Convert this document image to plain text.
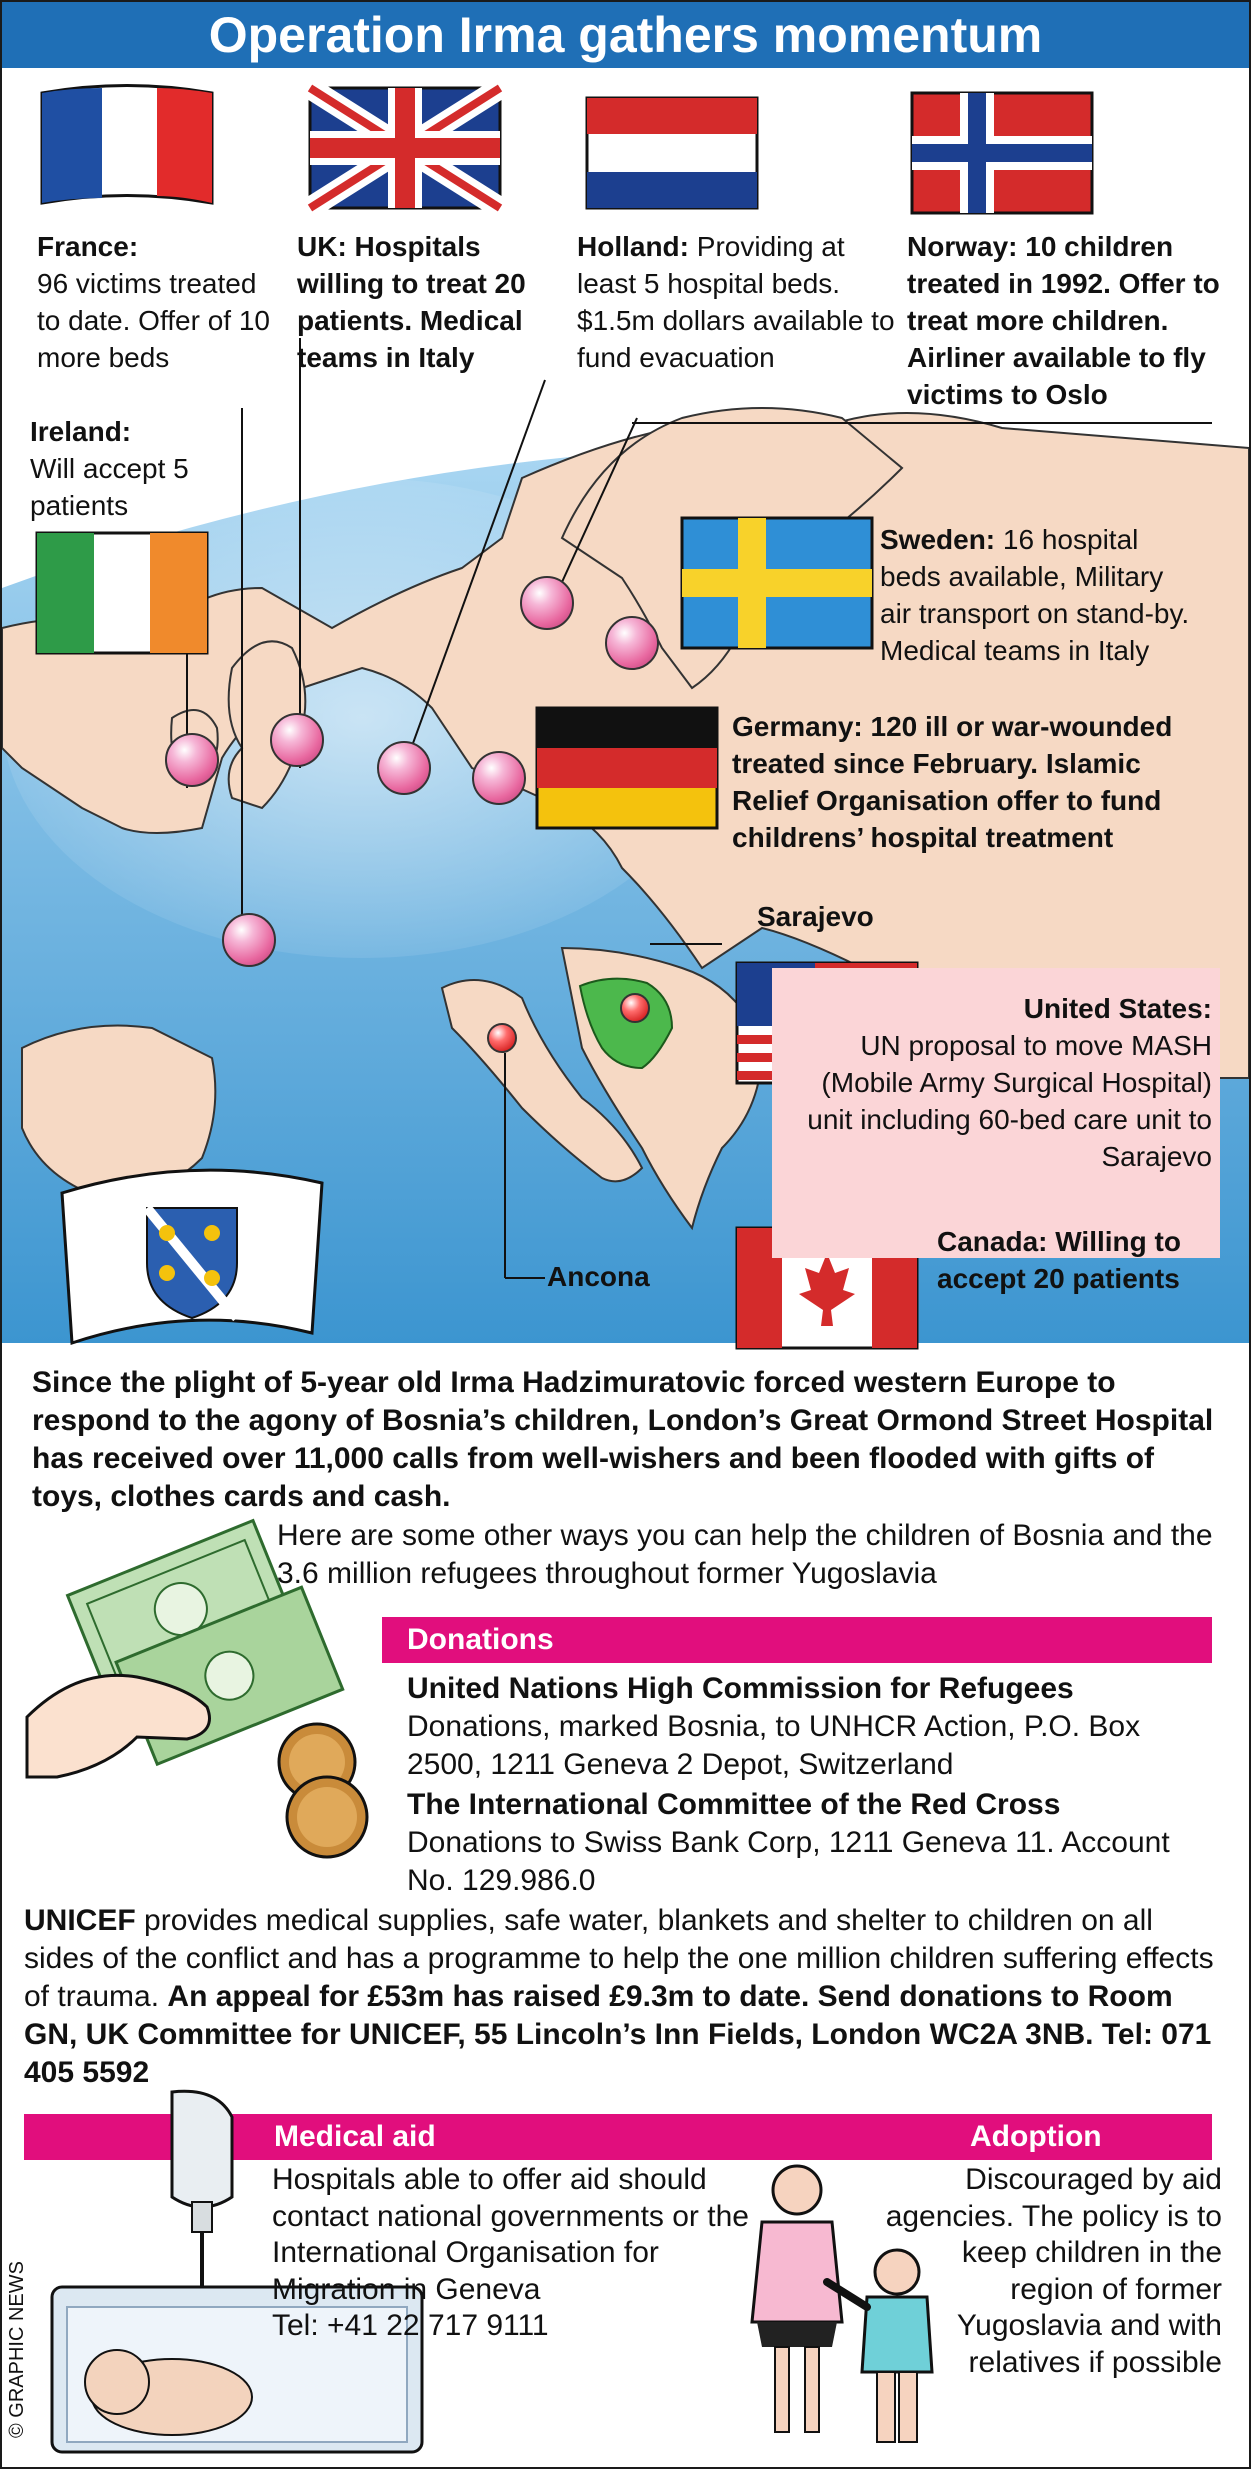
Operation Irma gathers momentum
France:
96 victims treated to date. Offer of 10 more beds
UK: Hospitals willing to treat 20 patients. Medical teams in Italy
Holland: Providing at least 5 hospital beds. $1.5m dollars available to fund evacuation
Norway: 10 children treated in 1992. Offer to treat more children. Airliner available to fly victims to Oslo
Ireland:
Will accept 5 patients
Sweden: 16 hospital beds available, Military air transport on stand-by. Medical teams in Italy
Germany: 120 ill or war-wounded treated since February. Islamic Relief Organisation offer to fund childrens’ hospital treatment
United States:
UN proposal to move MASH (Mobile Army Surgical Hospital) unit including 60-bed care unit to Sarajevo
Canada: Willing to accept 20 patients
Sarajevo
Ancona
Since the plight of 5-year old Irma Hadzimuratovic forced western Europe to respond to the agony of Bosnia’s children, London’s Great Ormond Street Hospital has received over 11,000 calls from well-wishers and been flooded with gifts of toys, clothes cards and cash.
Here are some other ways you can help the children of Bosnia and the 3.6 million refugees throughout former Yugoslavia
Donations
United Nations High Commission for Refugees
Donations, marked Bosnia, to UNHCR Action, P.O. Box 2500, 1211 Geneva 2 Depot, Switzerland
The International Committee of the Red Cross
Donations to Swiss Bank Corp, 1211 Geneva 11. Account No. 129.986.0
UNICEF provides medical supplies, safe water, blankets and shelter to children on all sides of the conflict and has a programme to help the one million children suffering effects of trauma. An appeal for £53m has raised £9.3m to date. Send donations to Room GN, UK Committee for UNICEF, 55 Lincoln’s Inn Fields, London WC2A 3NB. Tel: 071 405 5592
Medical aid	Adoption
Hospitals able to offer aid should contact national governments or the International Organisation for Migration in Geneva
Tel: +41 22 717 9111
Discouraged by aid agencies. The policy is to keep children in the region of former Yugoslavia and with relatives if possible
© GRAPHIC NEWS
